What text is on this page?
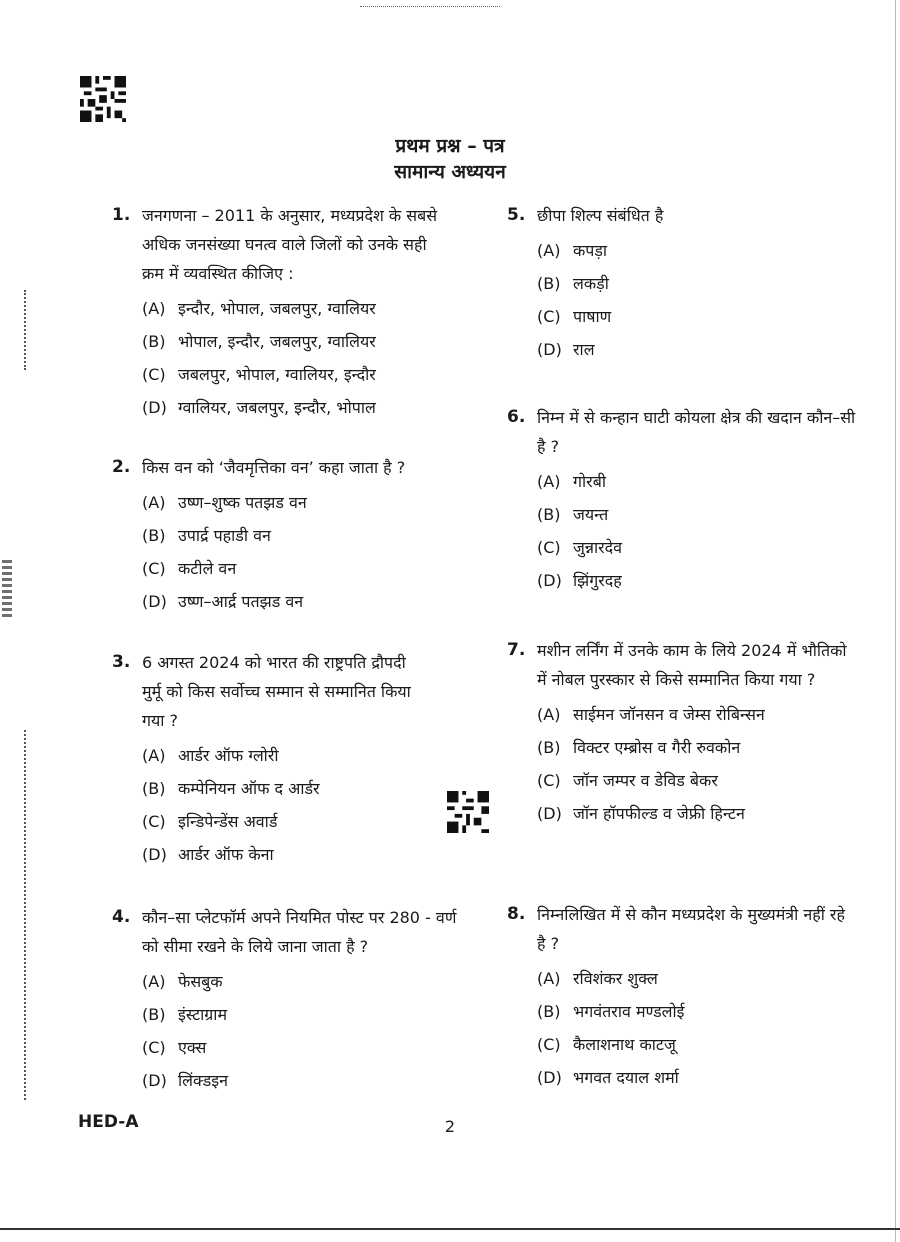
प्रथम प्रश्न – पत्र
सामान्य अध्ययन
1. जनगणना – 2011 के अनुसार, मध्यप्रदेश के सबसे अधिक जनसंख्या घनत्व वाले जिलों को उनके सही क्रम में व्यवस्थित कीजिए :
(A) इन्दौर, भोपाल, जबलपुर, ग्वालियर
(B) भोपाल, इन्दौर, जबलपुर, ग्वालियर
(C) जबलपुर, भोपाल, ग्वालियर, इन्दौर
(D) ग्वालियर, जबलपुर, इन्दौर, भोपाल
2. किस वन को ‘जैवमृत्तिका वन’ कहा जाता है ?
(A) उष्ण–शुष्क पतझड वन
(B) उपार्द्र पहाडी वन
(C) कटीले वन
(D) उष्ण–आर्द्र पतझड वन
3. 6 अगस्त 2024 को भारत की राष्ट्रपति द्रौपदी मुर्मू को किस सर्वोच्च सम्मान से सम्मानित किया गया ?
(A) आर्डर ऑफ ग्लोरी
(B) कम्पेनियन ऑफ द आर्डर
(C) इन्डिपेन्डेंस अवार्ड
(D) आर्डर ऑफ केना
4. कौन–सा प्लेटफॉर्म अपने नियमित पोस्ट पर 280 - वर्ण को सीमा रखने के लिये जाना जाता है ?
(A) फेसबुक
(B) इंस्टाग्राम
(C) एक्स
(D) लिंक्डइन
5. छीपा शिल्प संबंधित है
(A) कपड़ा
(B) लकड़ी
(C) पाषाण
(D) राल
6. निम्न में से कन्हान घाटी कोयला क्षेत्र की खदान कौन–सी है ?
(A) गोरबी
(B) जयन्त
(C) जुन्नारदेव
(D) झिंगुरदह
7. मशीन लर्निंग में उनके काम के लिये 2024 में भौतिको में नोबल पुरस्कार से किसे सम्मानित किया गया ?
(A) साईमन जॉनसन व जेम्स रोबिन्सन
(B) विक्टर एम्ब्रोस व गैरी रुवकोन
(C) जॉन जम्पर व डेविड बेकर
(D) जॉन हॉपफील्ड व जेफ्री हिन्टन
8. निम्नलिखित में से कौन मध्यप्रदेश के मुख्यमंत्री नहीं रहे है ?
(A) रविशंकर शुक्ल
(B) भगवंतराव मण्डलोई
(C) कैलाशनाथ काटजू
(D) भगवत दयाल शर्मा
HED-A	2
